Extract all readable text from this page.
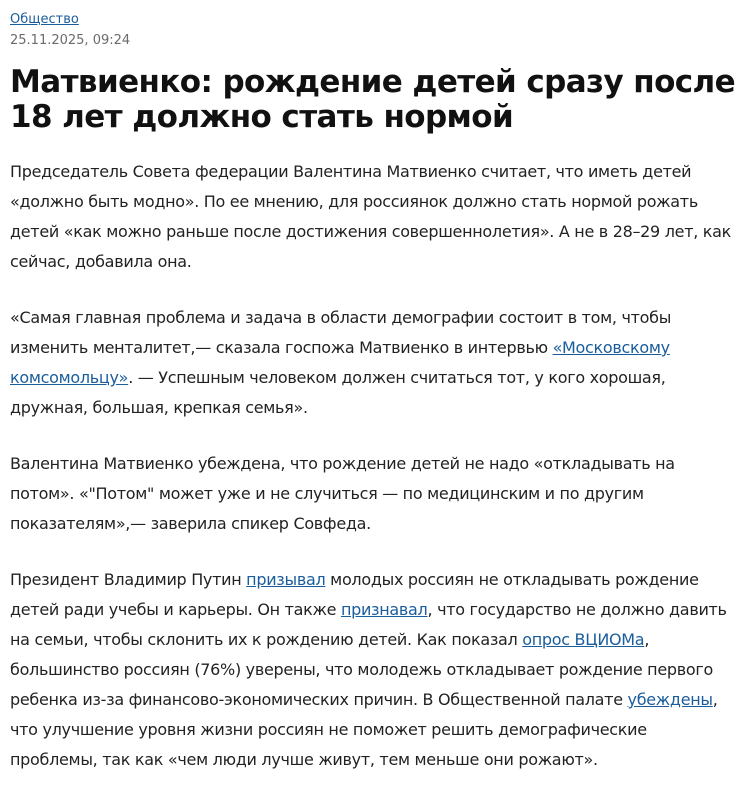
Общество
25.11.2025, 09:24
Матвиенко: рождение детей сразу после 18 лет должно стать нормой

Председатель Совета федерации Валентина Матвиенко считает, что иметь детей «должно быть модно». По ее мнению, для россиянок должно стать нормой рожать детей «как можно раньше после достижения совершеннолетия». А не в 28–29 лет, как сейчас, добавила она.

«Самая главная проблема и задача в области демографии состоит в том, чтобы изменить менталитет,— сказала госпожа Матвиенко в интервью «Московскому комсомольцу». — Успешным человеком должен считаться тот, у кого хорошая, дружная, большая, крепкая семья».

Валентина Матвиенко убеждена, что рождение детей не надо «откладывать на потом». «"Потом" может уже и не случиться — по медицинским и по другим показателям»,— заверила спикер Совфеда.

Президент Владимир Путин призывал молодых россиян не откладывать рождение детей ради учебы и карьеры. Он также признавал, что государство не должно давить на семьи, чтобы склонить их к рождению детей. Как показал опрос ВЦИОМа, большинство россиян (76%) уверены, что молодежь откладывает рождение первого ребенка из-за финансово-экономических причин. В Общественной палате убеждены, что улучшение уровня жизни россиян не поможет решить демографические проблемы, так как «чем люди лучше живут, тем меньше они рожают».
